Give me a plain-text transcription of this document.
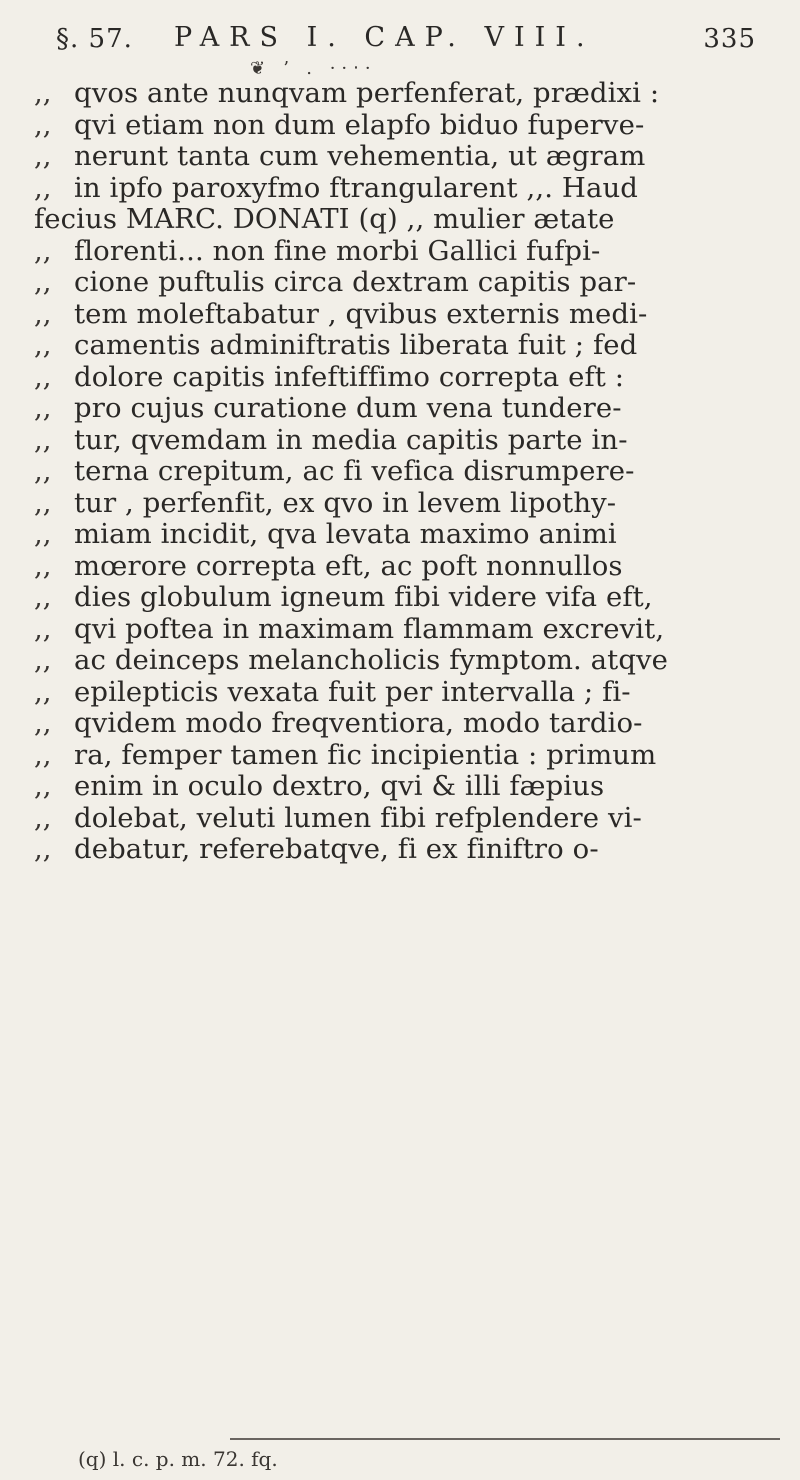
§. 57. PARS I. CAP. VIII.	335
❦ ʼ . ··‧·
,, qvos ante nunqvam perfenferat, prædixi :
,, qvi etiam non dum elapfo biduo fuperve-
,, nerunt tanta cum vehementia, ut ægram
,, in ipfo paroxyfmo ftrangularent ,,. Haud
fecius MARC. DONATI (q) ,, mulier ætate
,, florenti... non fine morbi Gallici fufpi-
,, cione puftulis circa dextram capitis par-
,, tem moleftabatur , qvibus externis medi-
,, camentis adminiftratis liberata fuit ; fed
,, dolore capitis infeftiffimo correpta eft :
,, pro cujus curatione dum vena tundere-
,, tur, qvemdam in media capitis parte in-
,, terna crepitum, ac fi vefica disrumpere-
,, tur , perfenfit, ex qvo in levem lipothy-
,, miam incidit, qva levata maximo animi
,, mœrore correpta eft, ac poft nonnullos
,, dies globulum igneum fibi videre vifa eft,
,, qvi poftea in maximam flammam excrevit,
,, ac deinceps melancholicis fymptom. atqve
,, epilepticis vexata fuit per intervalla ; fi-
,, qvidem modo freqventiora, modo tardio-
,, ra, femper tamen fic incipientia : primum
,, enim in oculo dextro, qvi & illi fæpius
,, dolebat, veluti lumen fibi refplendere vi-
,, debatur, referebatqve, fi ex finiftro o-
(q) l. c. p. m. 72. fq.
